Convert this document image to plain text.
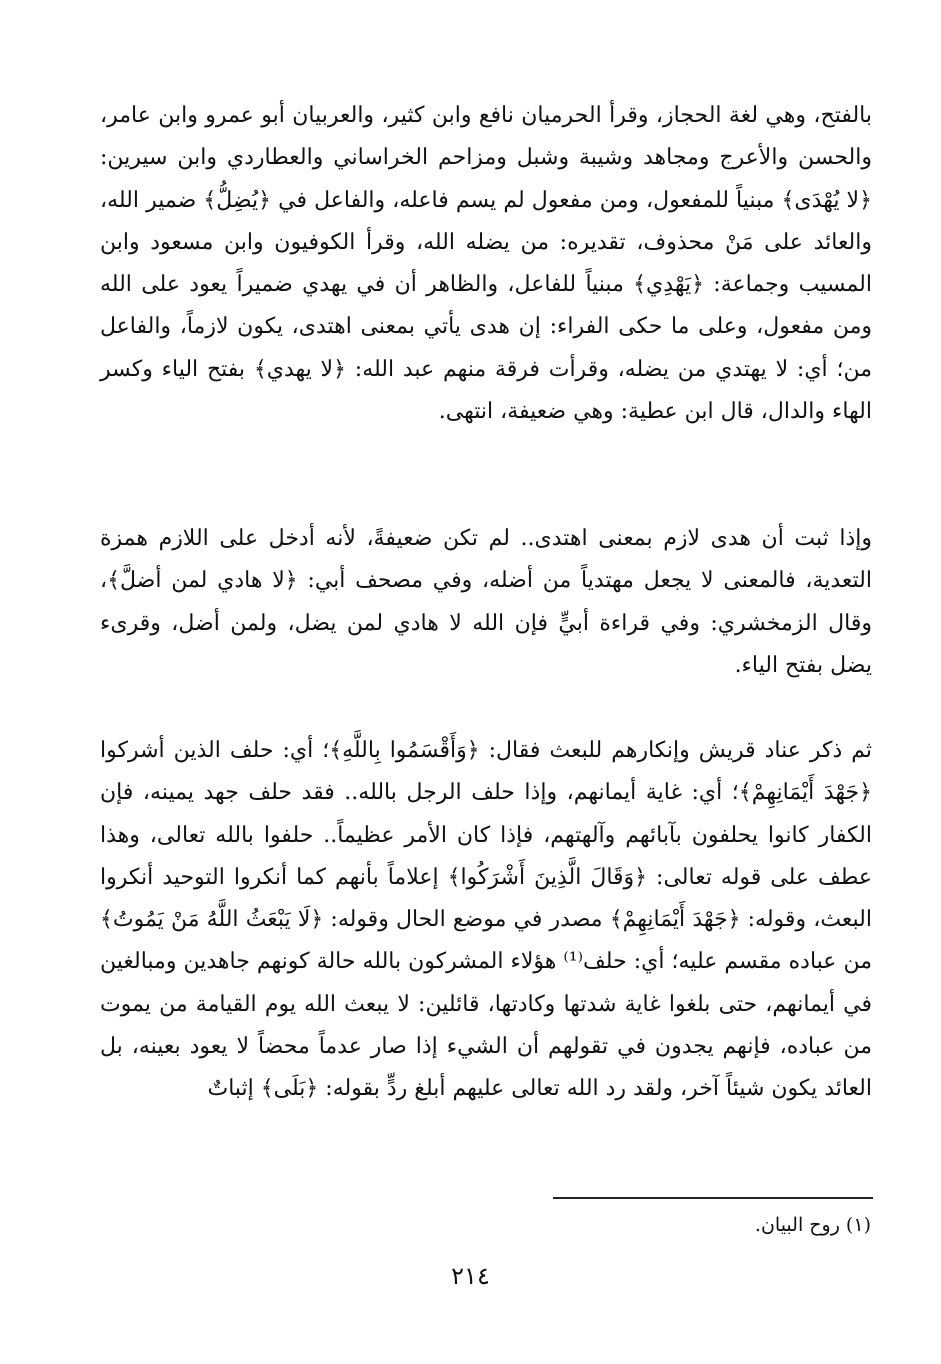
بالفتح، وهي لغة الحجاز، وقرأ الحرميان نافع وابن كثير، والعربيان أبو عمرو وابن عامر، والحسن والأعرج ومجاهد وشيبة وشبل ومزاحم الخراساني والعطاردي وابن سيرين: ﴿لا يُهْدَى﴾ مبنياً للمفعول، ومن مفعول لم يسم فاعله، والفاعل في ﴿يُضِلُّ﴾ ضمير الله، والعائد على مَنْ محذوف، تقديره: من يضله الله، وقرأ الكوفيون وابن مسعود وابن المسيب وجماعة: ﴿يَهْدِي﴾ مبنياً للفاعل، والظاهر أن في يهدي ضميراً يعود على الله ومن مفعول، وعلى ما حكى الفراء: إن هدى يأتي بمعنى اهتدى، يكون لازماً، والفاعل من؛ أي: لا يهتدي من يضله، وقرأت فرقة منهم عبد الله: ﴿لا يهدي﴾ بفتح الياء وكسر الهاء والدال، قال ابن عطية: وهي ضعيفة، انتهى.

وإذا ثبت أن هدى لازم بمعنى اهتدى.. لم تكن ضعيفةً، لأنه أدخل على اللازم همزة التعدية، فالمعنى لا يجعل مهتدياً من أضله، وفي مصحف أبي: ﴿لا هادي لمن أضلَّ﴾، وقال الزمخشري: وفي قراءة أبيٍّ فإن الله لا هادي لمن يضل، ولمن أضل، وقرىء يضل بفتح الياء.

ثم ذكر عناد قريش وإنكارهم للبعث فقال: ﴿وَأَقْسَمُوا بِاللَّهِ﴾؛ أي: حلف الذين أشركوا ﴿جَهْدَ أَيْمَانِهِمْ﴾؛ أي: غاية أيمانهم، وإذا حلف الرجل بالله.. فقد حلف جهد يمينه، فإن الكفار كانوا يحلفون بآبائهم وآلهتهم، فإذا كان الأمر عظيماً.. حلفوا بالله تعالى، وهذا عطف على قوله تعالى: ﴿وَقَالَ الَّذِينَ أَشْرَكُوا﴾ إعلاماً بأنهم كما أنكروا التوحيد أنكروا البعث، وقوله: ﴿جَهْدَ أَيْمَانِهِمْ﴾ مصدر في موضع الحال وقوله: ﴿لَا يَبْعَثُ اللَّهُ مَنْ يَمُوتُ﴾ من عباده مقسم عليه؛ أي: حلف⁽¹⁾ هؤلاء المشركون بالله حالة كونهم جاهدين ومبالغين في أيمانهم، حتى بلغوا غاية شدتها وكادتها، قائلين: لا يبعث الله يوم القيامة من يموت من عباده، فإنهم يجدون في تقولهم أن الشيء إذا صار عدماً محضاً لا يعود بعينه، بل العائد يكون شيئاً آخر، ولقد رد الله تعالى عليهم أبلغ ردٍّ بقوله: ﴿بَلَى﴾ إثباتٌ

(١) روح البيان.
٢١٤
